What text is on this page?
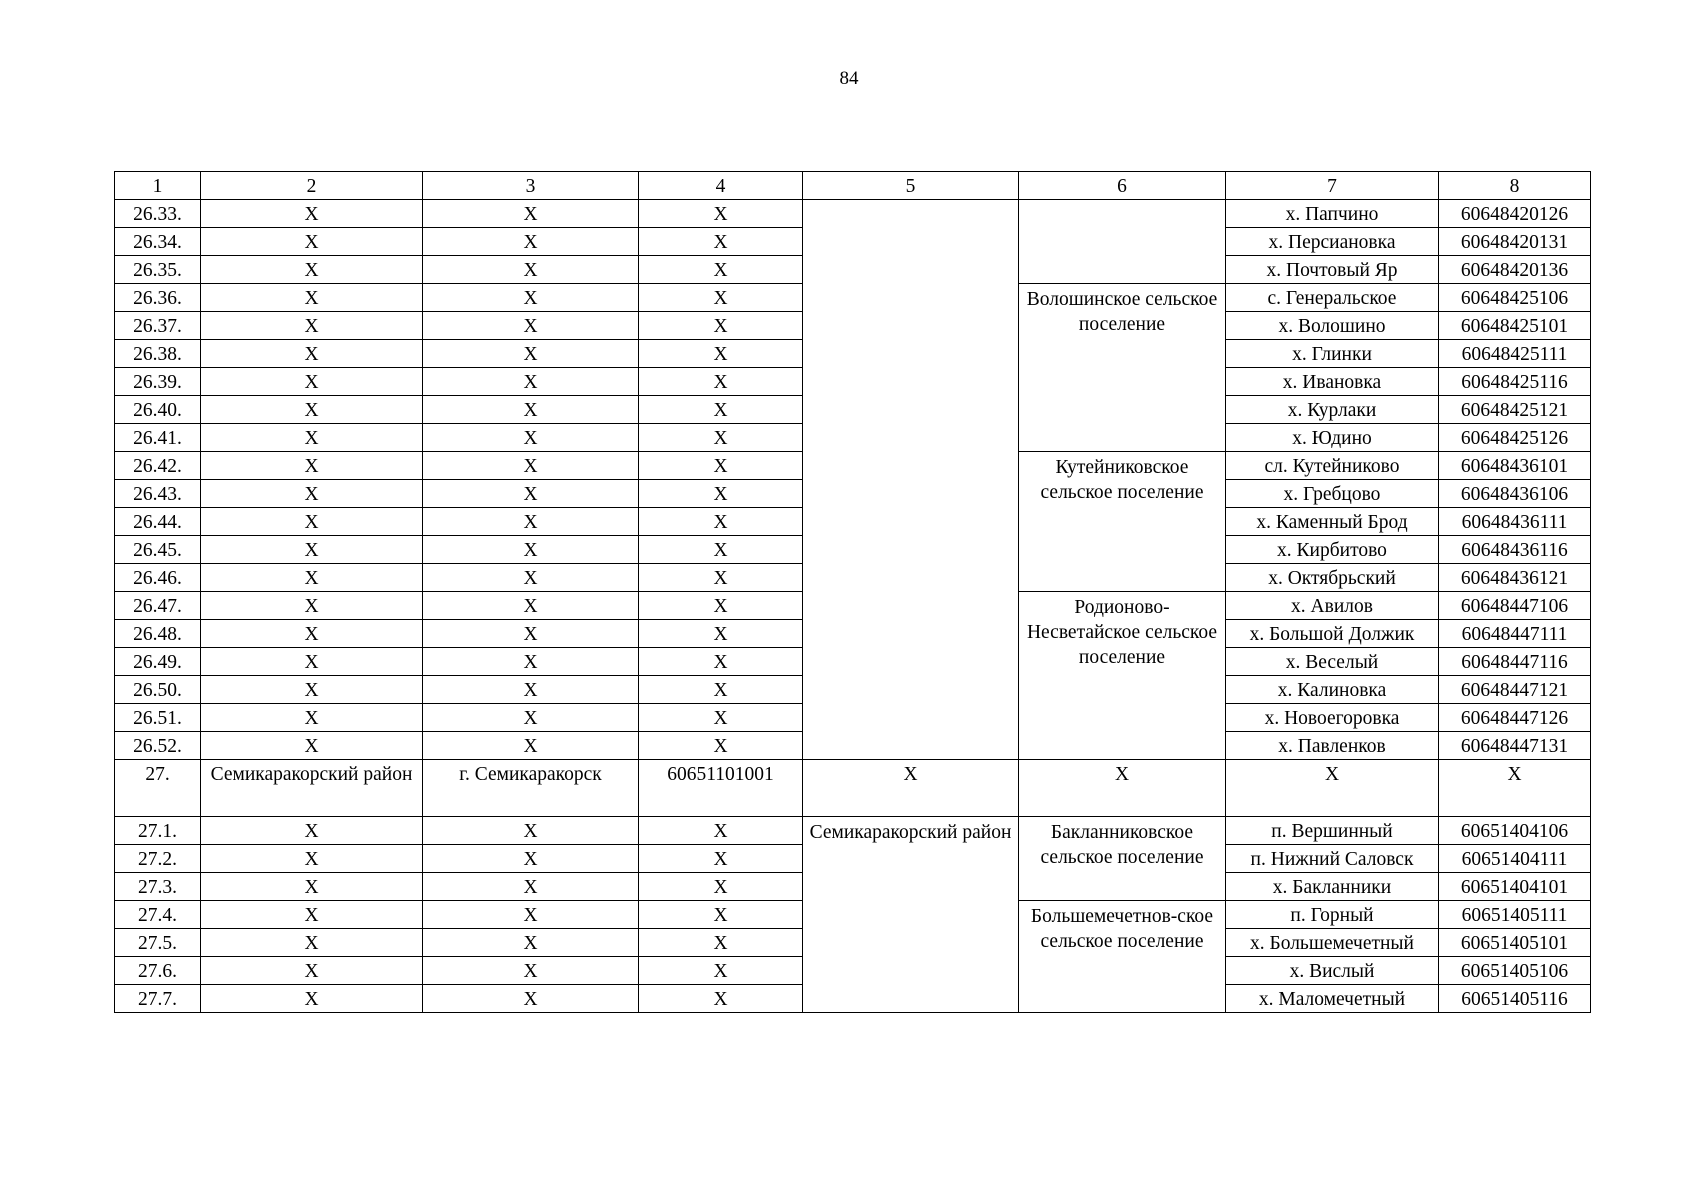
84
1	2	3	4	5	6	7	8
26.33.	X	X	X			х. Папчино	60648420126
26.34.	X	X	X			х. Персиановка	60648420131
26.35.	X	X	X			х. Почтовый Яр	60648420136
26.36.	X	X	X		Волошинское сельское поселение	с. Генеральское	60648425106
26.37.	X	X	X			х. Волошино	60648425101
26.38.	X	X	X			х. Глинки	60648425111
26.39.	X	X	X			х. Ивановка	60648425116
26.40.	X	X	X			х. Курлаки	60648425121
26.41.	X	X	X			х. Юдино	60648425126
26.42.	X	X	X		Кутейниковское сельское поселение	сл. Кутейниково	60648436101
26.43.	X	X	X			х. Гребцово	60648436106
26.44.	X	X	X			х. Каменный Брод	60648436111
26.45.	X	X	X			х. Кирбитово	60648436116
26.46.	X	X	X			х. Октябрьский	60648436121
26.47.	X	X	X		Родионово-Несветайское сельское поселение	х. Авилов	60648447106
26.48.	X	X	X			х. Большой Должик	60648447111
26.49.	X	X	X			х. Веселый	60648447116
26.50.	X	X	X			х. Калиновка	60648447121
26.51.	X	X	X			х. Новоегоровка	60648447126
26.52.	X	X	X			х. Павленков	60648447131
27.	Семикаракорский район	г. Семикаракорск	60651101001	X	X	X	X
27.1.	X	X	X	Семикаракорский район	Бакланниковское сельское поселение	п. Вершинный	60651404106
27.2.	X	X	X			п. Нижний Саловск	60651404111
27.3.	X	X	X			х. Бакланники	60651404101
27.4.	X	X	X		Большемечетнов-ское сельское поселение	п. Горный	60651405111
27.5.	X	X	X			х. Большемечетный	60651405101
27.6.	X	X	X			х. Вислый	60651405106
27.7.	X	X	X			х. Маломечетный	60651405116
